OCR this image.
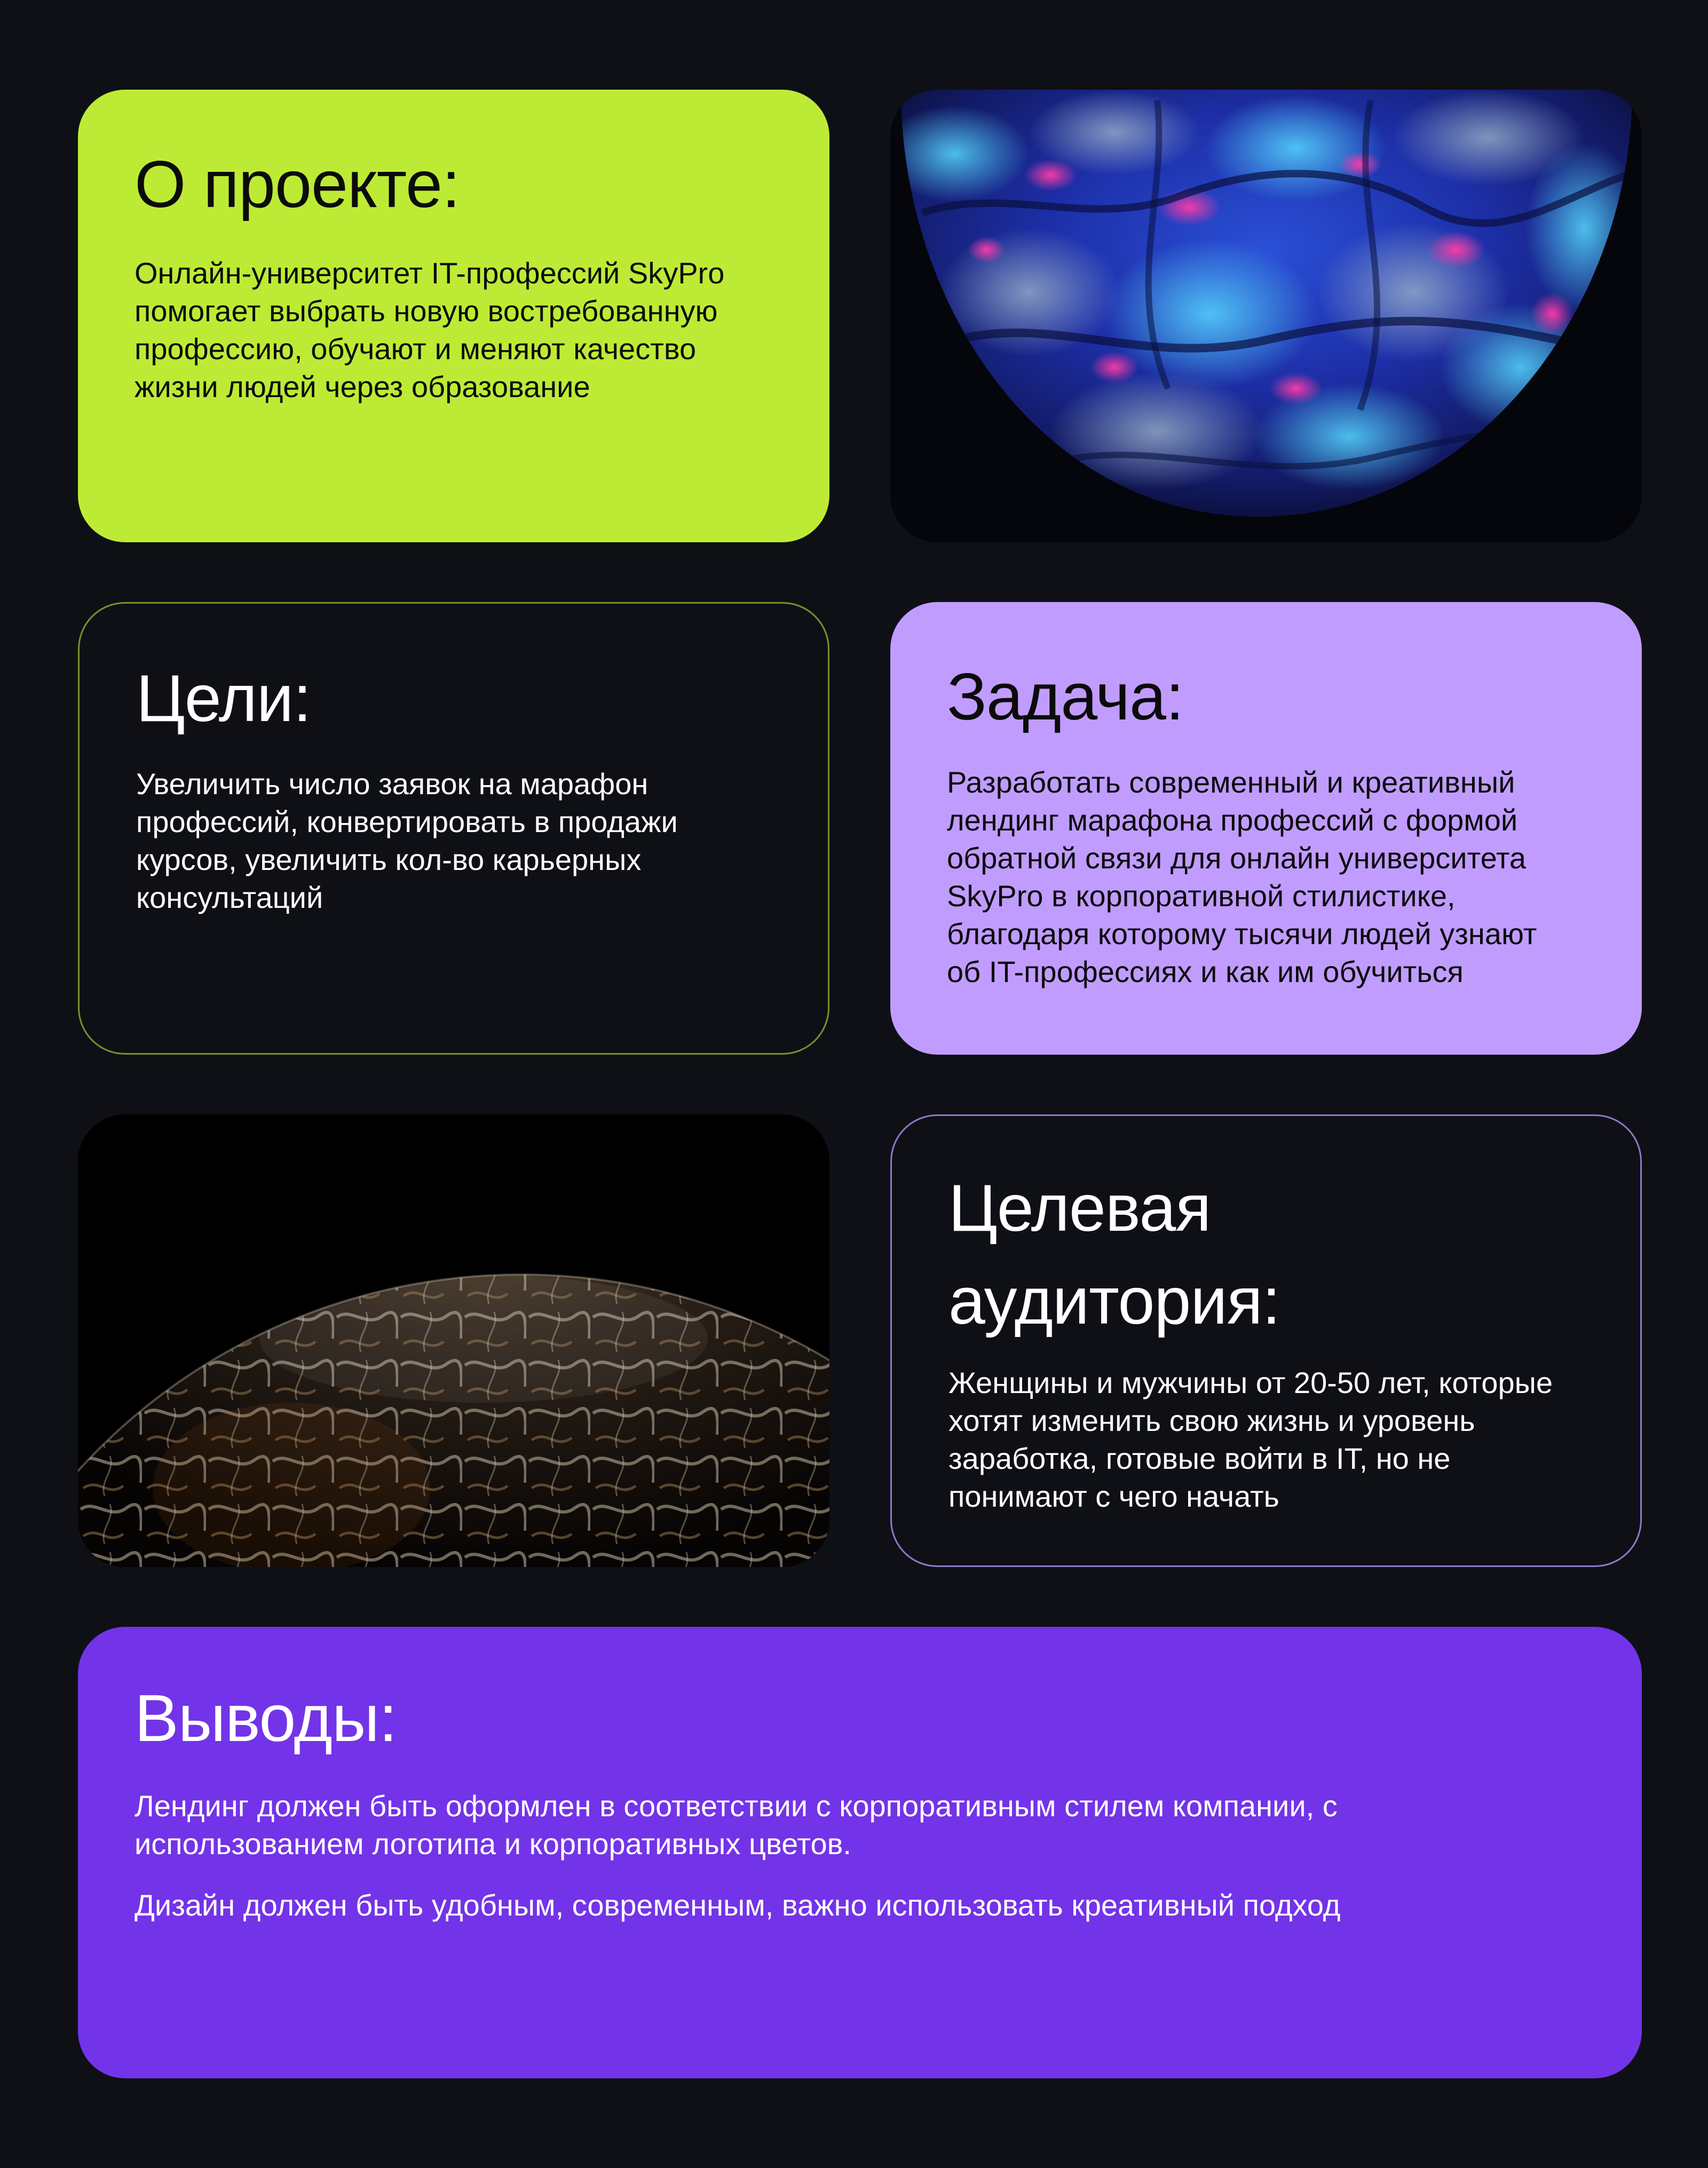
О проекте:

Онлайн-университет IT-профессий SkyPro помогает выбрать новую востребованную профессию, обучают и меняют качество жизни людей через образование

Цели:

Увеличить число заявок на марафон профессий, конвертировать в продажи курсов, увеличить кол-во карьерных консультаций

Задача:

Разработать современный и креативный лендинг марафона профессий с формой обратной связи для онлайн университета SkyPro в корпоративной стилистике, благодаря которому тысячи людей узнают об IT-профессиях и как им обучиться

Целевая аудитория:

Женщины и мужчины от 20-50 лет, которые хотят изменить свою жизнь и уровень заработка, готовые войти в IT, но не понимают с чего начать

Выводы:

Лендинг должен быть оформлен в соответствии с корпоративным стилем компании, с использованием логотипа и корпоративных цветов.

Дизайн должен быть удобным, современным, важно использовать креативный подход
